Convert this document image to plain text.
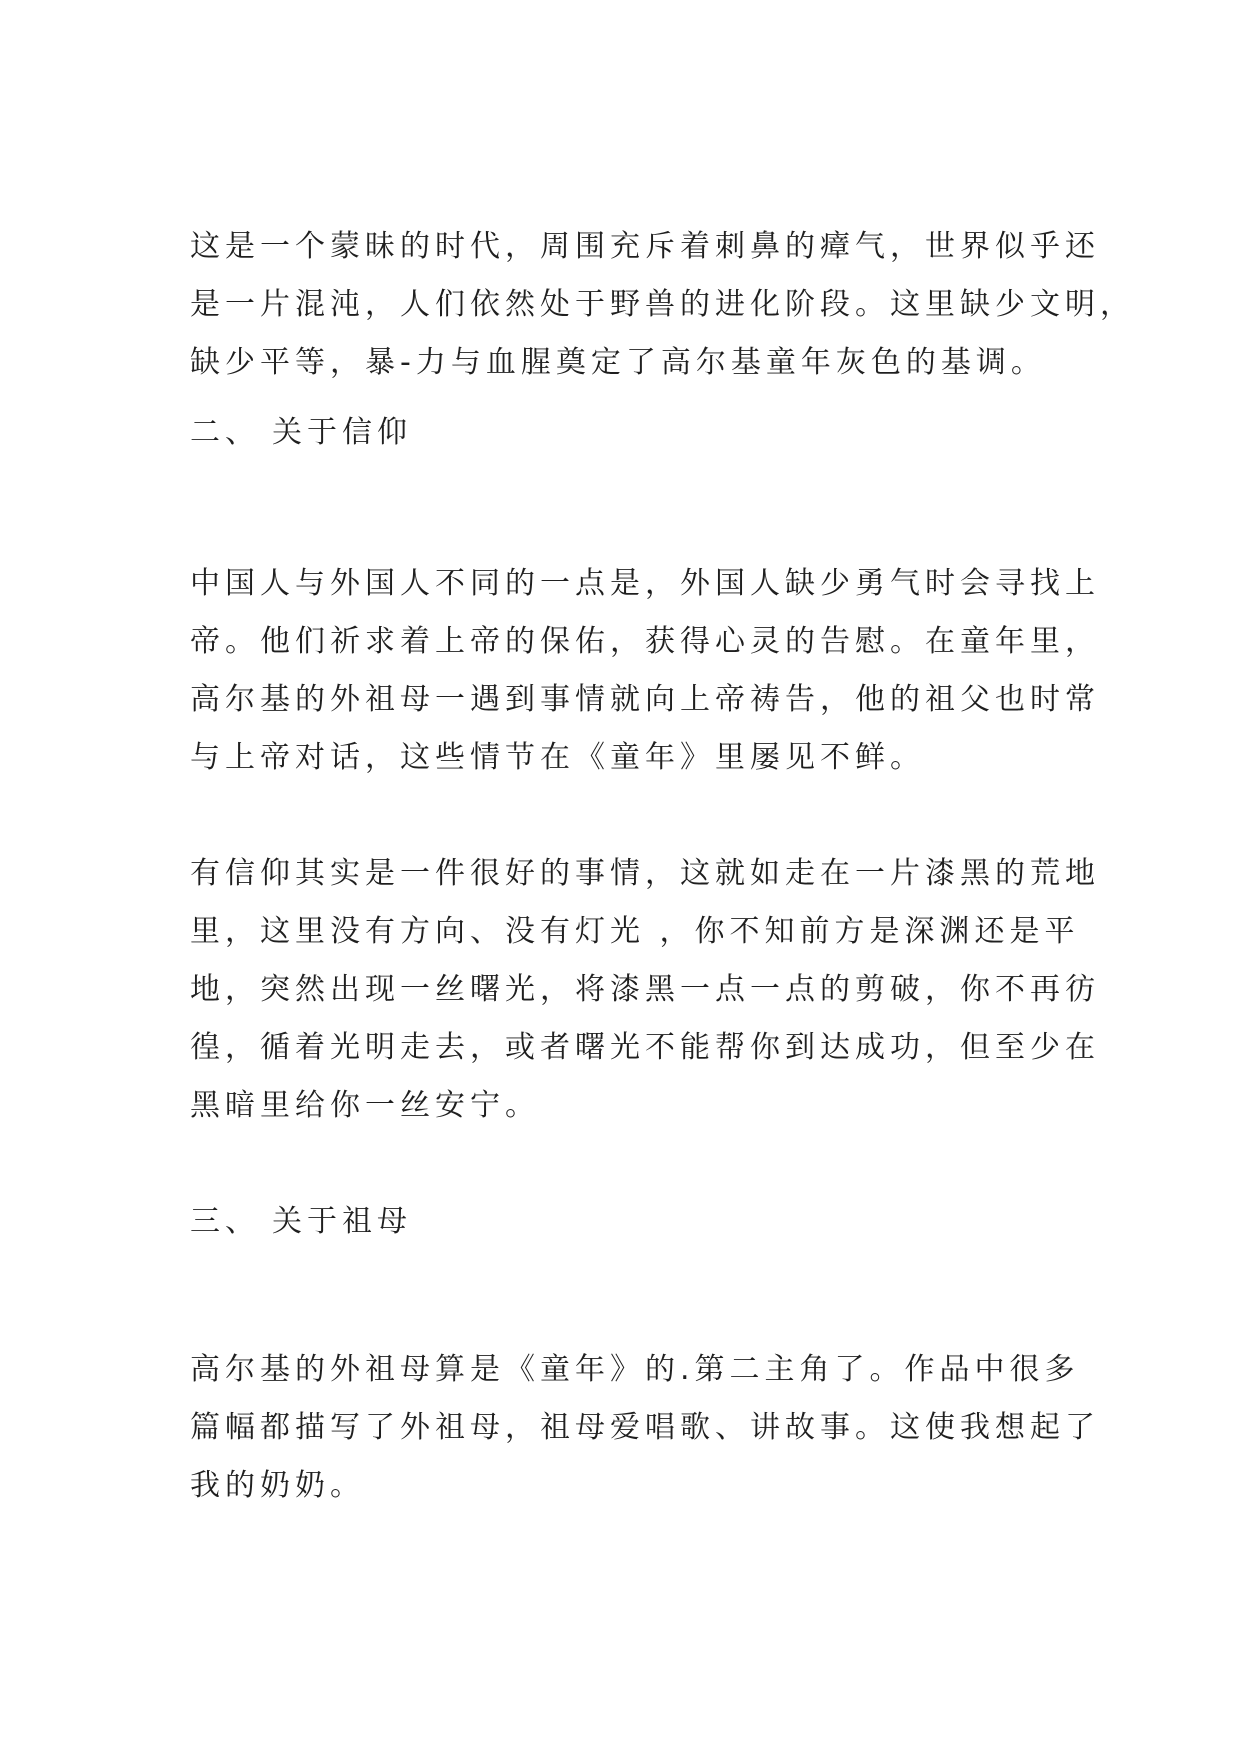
这是一个蒙昧的时代，周围充斥着刺鼻的瘴气，世界似乎还
是一片混沌，人们依然处于野兽的进化阶段。这里缺少文明，
缺少平等，暴-力与血腥奠定了高尔基童年灰色的基调。

二、 关于信仰

中国人与外国人不同的一点是，外国人缺少勇气时会寻找上
帝。他们祈求着上帝的保佑，获得心灵的告慰。在童年里，
高尔基的外祖母一遇到事情就向上帝祷告，他的祖父也时常
与上帝对话，这些情节在《童年》里屡见不鲜。

有信仰其实是一件很好的事情，这就如走在一片漆黑的荒地
里，这里没有方向、没有灯光 ，你不知前方是深渊还是平
地，突然出现一丝曙光，将漆黑一点一点的剪破，你不再彷
徨，循着光明走去，或者曙光不能帮你到达成功，但至少在
黑暗里给你一丝安宁。

三、 关于祖母

高尔基的外祖母算是《童年》的.第二主角了。作品中很多
篇幅都描写了外祖母，祖母爱唱歌、讲故事。这使我想起了
我的奶奶。
